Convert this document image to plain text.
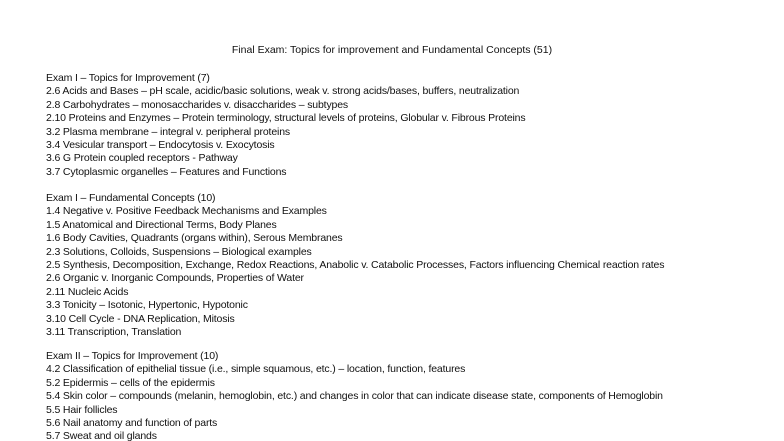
Final Exam: Topics for improvement and Fundamental Concepts (51)
Exam I – Topics for Improvement (7)
2.6 Acids and Bases – pH scale, acidic/basic solutions, weak v. strong acids/bases, buffers, neutralization
2.8 Carbohydrates – monosaccharides v. disaccharides – subtypes
2.10 Proteins and Enzymes – Protein terminology, structural levels of proteins, Globular v. Fibrous Proteins
3.2 Plasma membrane – integral v. peripheral proteins
3.4 Vesicular transport – Endocytosis v. Exocytosis
3.6 G Protein coupled receptors - Pathway
3.7 Cytoplasmic organelles – Features and Functions
Exam I – Fundamental Concepts (10)
1.4 Negative v. Positive Feedback Mechanisms and Examples
1.5 Anatomical and Directional Terms, Body Planes
1.6 Body Cavities, Quadrants (organs within), Serous Membranes
2.3 Solutions, Colloids, Suspensions – Biological examples
2.5 Synthesis, Decomposition, Exchange, Redox Reactions, Anabolic v. Catabolic Processes, Factors influencing Chemical reaction rates
2.6 Organic v. Inorganic Compounds, Properties of Water
2.11 Nucleic Acids
3.3 Tonicity – Isotonic, Hypertonic, Hypotonic
3.10 Cell Cycle - DNA Replication, Mitosis
3.11 Transcription, Translation
Exam II – Topics for Improvement (10)
4.2 Classification of epithelial tissue (i.e., simple squamous, etc.) – location, function, features
5.2 Epidermis – cells of the epidermis
5.4 Skin color – compounds (melanin, hemoglobin, etc.) and changes in color that can indicate disease state, components of Hemoglobin
5.5 Hair follicles
5.6 Nail anatomy and function of parts
5.7 Sweat and oil glands
